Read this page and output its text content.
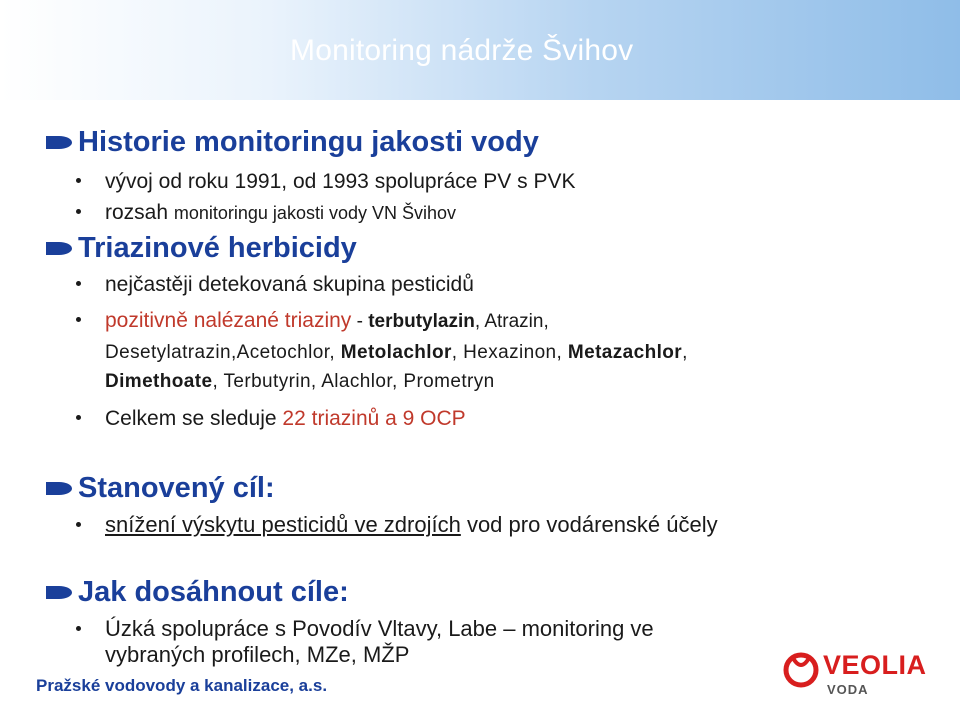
Monitoring nádrže Švihov
Historie monitoringu jakosti vody
vývoj od roku 1991, od 1993 spolupráce PV s PVK
rozsah monitoringu jakosti vody VN Švihov
Triazinové herbicidy
nejčastěji detekovaná skupina pesticidů
pozitivně nalézané triaziny - terbutylazin, Atrazin,
Desetylatrazin,Acetochlor, Metolachlor, Hexazinon, Metazachlor,
Dimethoate, Terbutyrin, Alachlor, Prometryn
Celkem se sleduje 22 triazinů a 9 OCP
Stanovený cíl:
snížení výskytu pesticidů ve zdrojích vod pro vodárenské účely
Jak dosáhnout cíle:
Úzká spolupráce s Povodív Vltavy, Labe – monitoring ve
vybraných profilech, MZe, MŽP
Pražské vodovody a kanalizace, a.s.
VEOLIA
VODA
